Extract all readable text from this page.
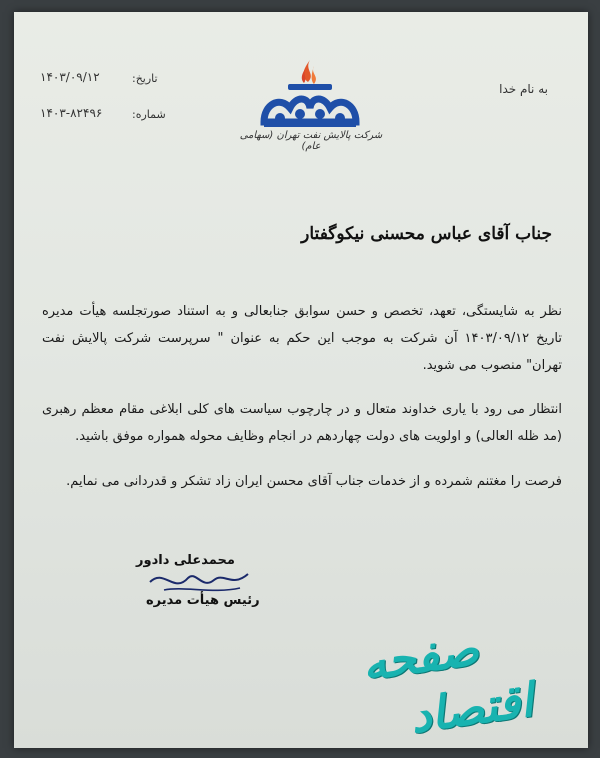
به نام خدا
شرکت پالایش نفت تهران (سهامی عام)
تاریخ:
۱۴۰۳/۰۹/۱۲
شماره:
۱۴۰۳-۸۲۴۹۶
جناب آقای عباس محسنی نیکوگفتار
نظر به شایستگی، تعهد، تخصص و حسن سوابق جنابعالی و به استناد صورتجلسه هیأت مدیره تاریخ ۱۴۰۳/۰۹/۱۲ آن شرکت به موجب این حکم به عنوان " سرپرست شرکت پالایش نفت تهران" منصوب می شوید.
انتظار می رود با یاری خداوند متعال و در چارچوب سیاست های کلی ابلاغی مقام معظم رهبری (مد ظله العالی) و اولویت های دولت چهاردهم در انجام وظایف محوله همواره موفق باشید.
فرصت را مغتنم شمرده و از خدمات جناب آقای محسن ایران زاد تشکر و قدردانی می نمایم.
محمدعلی دادور
رئیس هیأت مدیره
صفحه
اقتصاد
